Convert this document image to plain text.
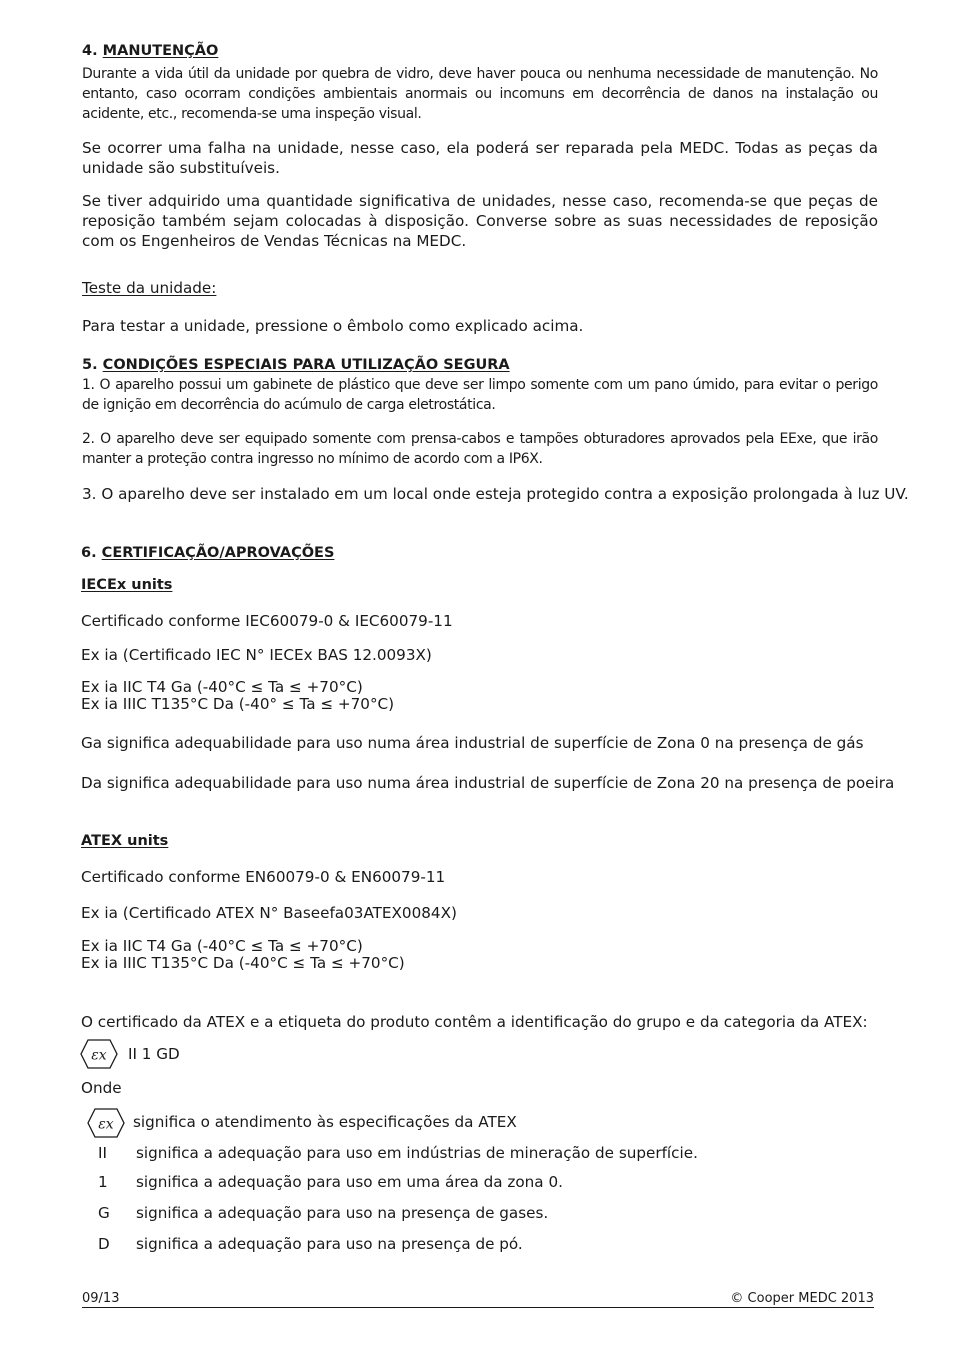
4. MANUTENÇÃO
Durante a vida útil da unidade por quebra de vidro, deve haver pouca ou nenhuma necessidade de manutenção. No entanto, caso ocorram condições ambientais anormais ou incomuns em decorrência de danos na instalação ou acidente, etc., recomenda-se uma inspeção visual.
Se ocorrer uma falha na unidade, nesse caso, ela poderá ser reparada pela MEDC. Todas as peças da unidade são substituíveis.
Se tiver adquirido uma quantidade significativa de unidades, nesse caso, recomenda-se que peças de reposição também sejam colocadas à disposição. Converse sobre as suas necessidades de reposição com os Engenheiros de Vendas Técnicas na MEDC.
Teste da unidade:
Para testar a unidade, pressione o êmbolo como explicado acima.
5. CONDIÇÕES ESPECIAIS PARA UTILIZAÇÃO SEGURA
1. O aparelho possui um gabinete de plástico que deve ser limpo somente com um pano úmido, para evitar o perigo de ignição em decorrência do acúmulo de carga eletrostática.
2. O aparelho deve ser equipado somente com prensa-cabos e tampões obturadores aprovados pela EExe, que irão manter a proteção contra ingresso no mínimo de acordo com a IP6X.
3. O aparelho deve ser instalado em um local onde esteja protegido contra a exposição prolongada à luz UV.
6. CERTIFICAÇÃO/APROVAÇÕES
IECEx units
Certificado conforme IEC60079-0 & IEC60079-11
Ex ia (Certificado IEC N° IECEx BAS 12.0093X)
Ex ia IIC T4 Ga (-40°C ≤ Ta ≤ +70°C)
Ex ia IIIC T135°C Da (-40° ≤ Ta ≤ +70°C)
Ga significa adequabilidade para uso numa área industrial de superfície de Zona 0 na presença de gás
Da significa adequabilidade para uso numa área industrial de superfície de Zona 20 na presença de poeira
ATEX units
Certificado conforme EN60079-0 & EN60079-11
Ex ia (Certificado ATEX N° Baseefa03ATEX0084X)
Ex ia IIC T4 Ga (-40°C ≤ Ta ≤ +70°C)
Ex ia IIIC T135°C Da (-40°C ≤ Ta ≤ +70°C)
O certificado da ATEX e a etiqueta do produto contêm a identificação do grupo e da categoria da ATEX:
εx II 1 GD
Onde
εx significa o atendimento às especificações da ATEX
II significa a adequação para uso em indústrias de mineração de superfície.
1 significa a adequação para uso em uma área da zona 0.
G significa a adequação para uso na presença de gases.
D significa a adequação para uso na presença de pó.
09/13	© Cooper MEDC 2013
